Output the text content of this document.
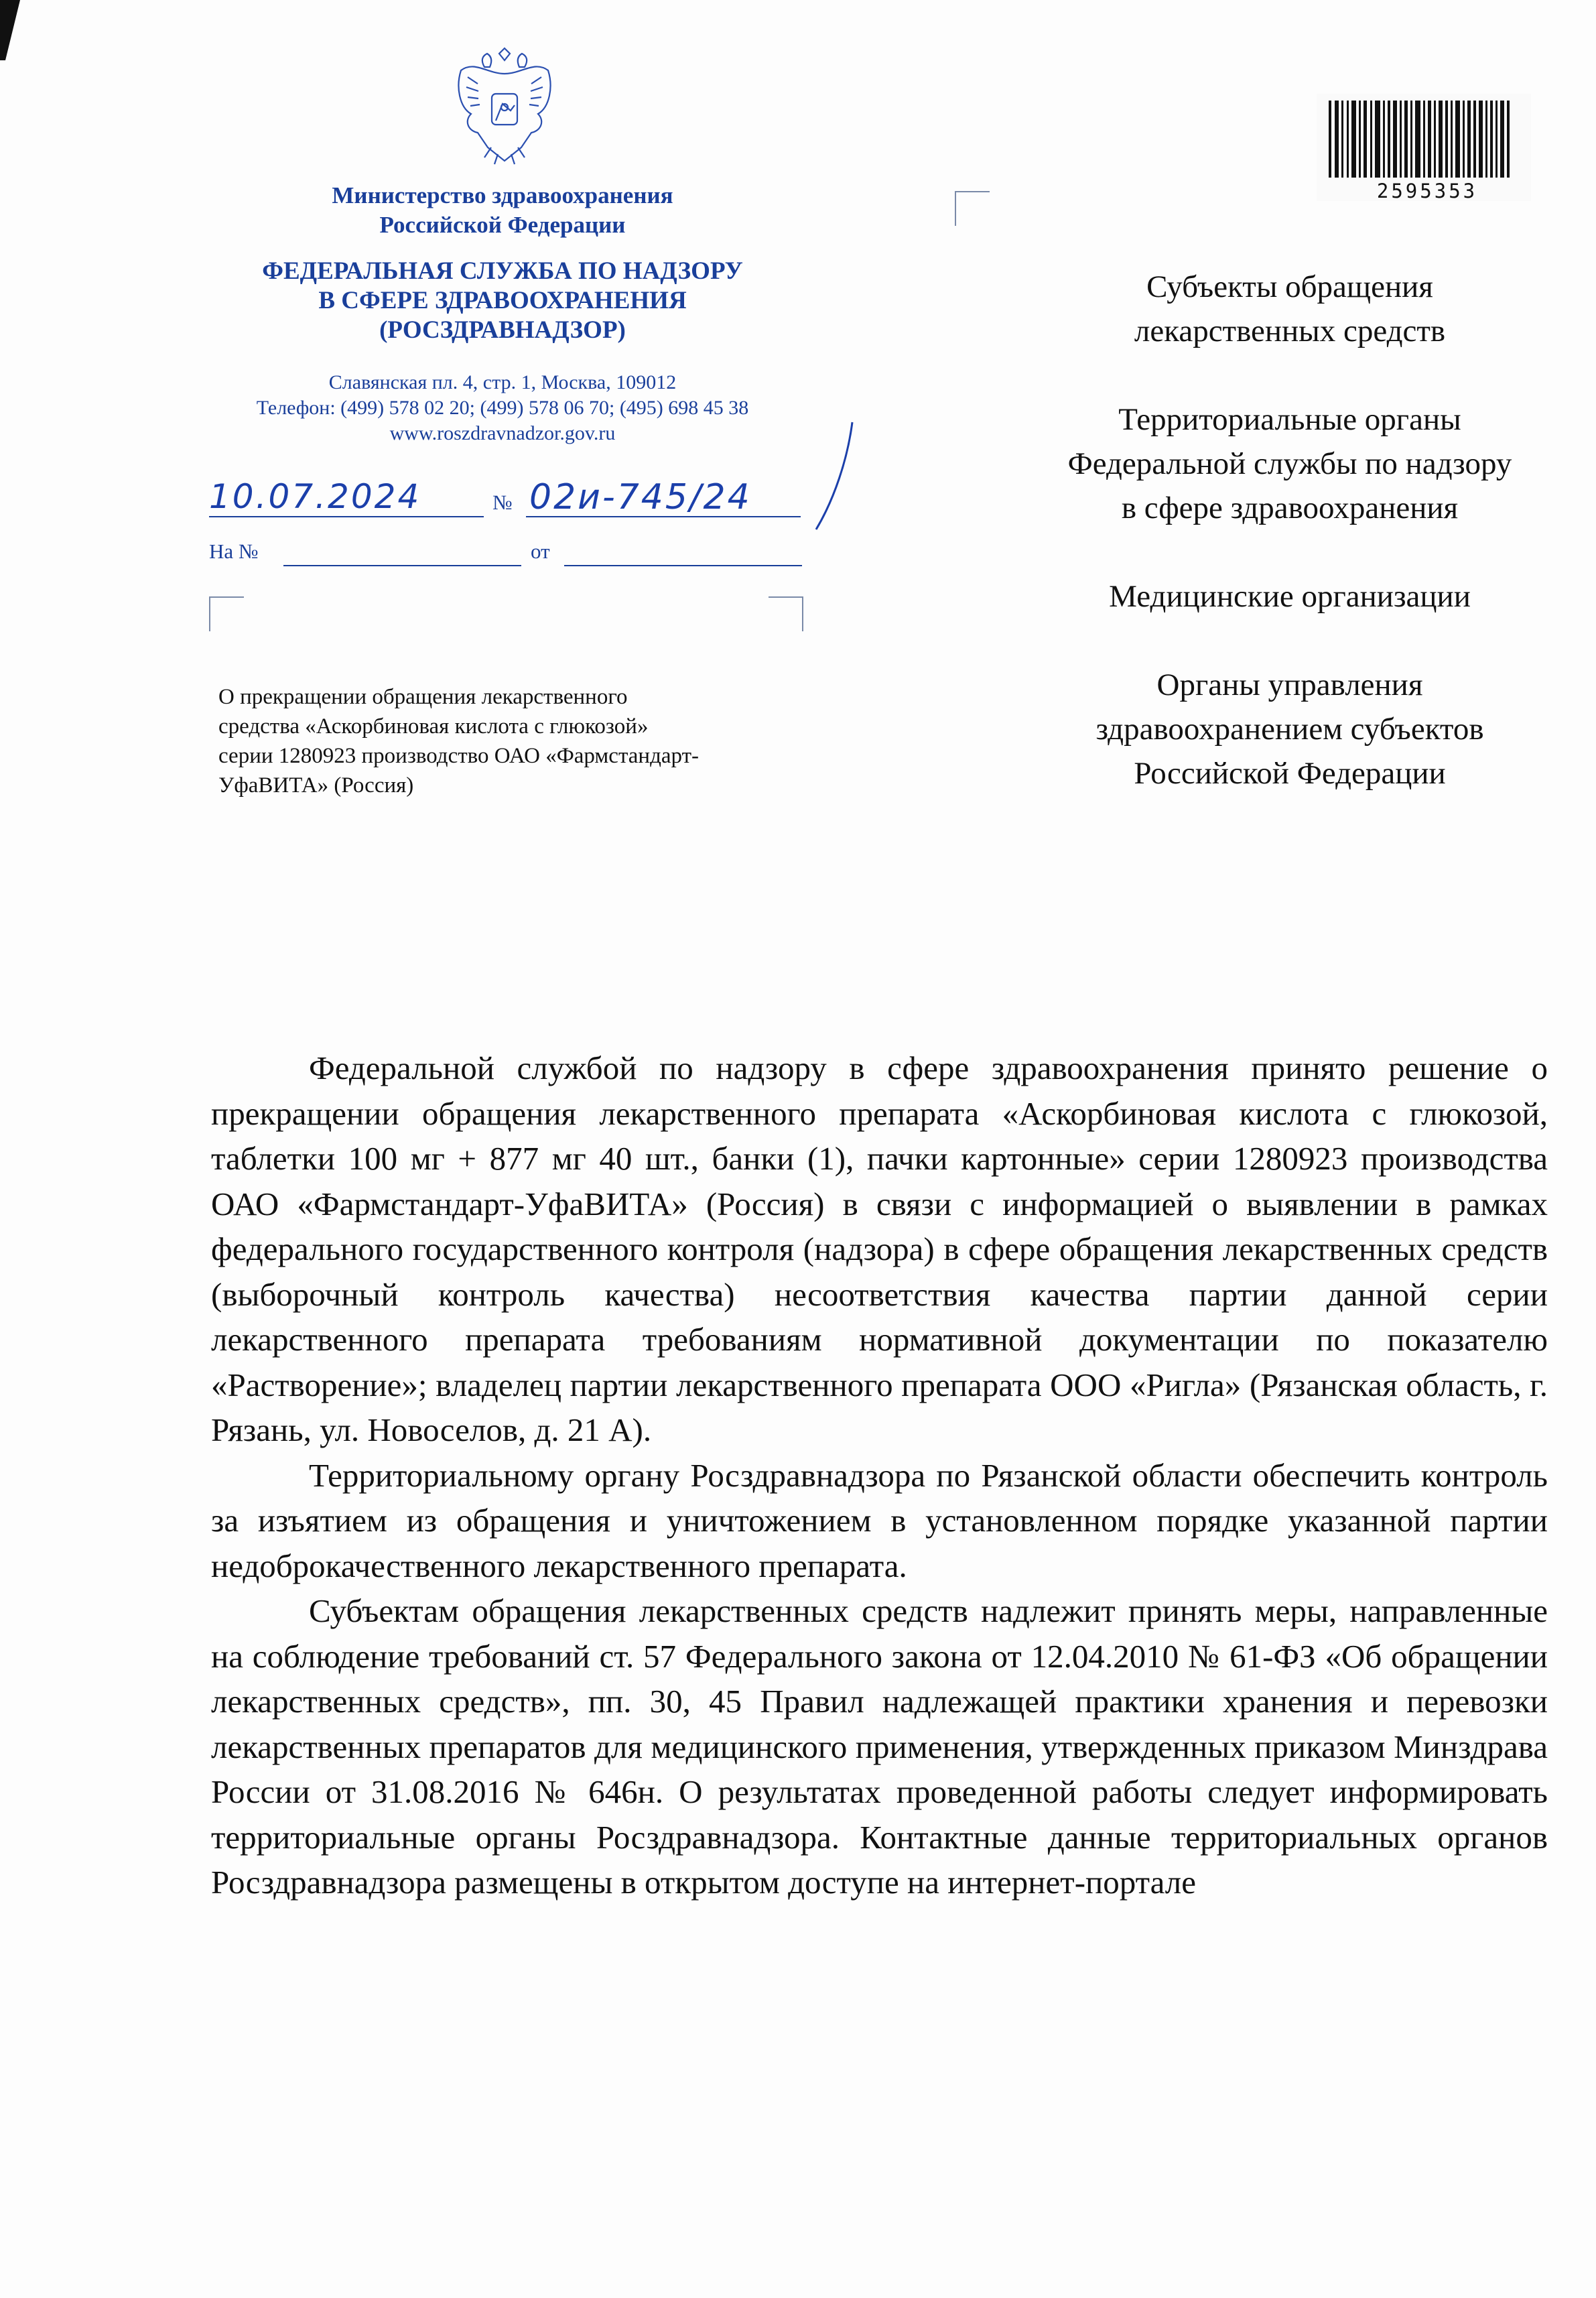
Министерство здравоохранения
Российской Федерации
ФЕДЕРАЛЬНАЯ СЛУЖБА ПО НАДЗОРУ
В СФЕРЕ ЗДРАВООХРАНЕНИЯ
(РОСЗДРАВНАДЗОР)
Славянская пл. 4, стр. 1, Москва, 109012
Телефон: (499) 578 02 20; (499) 578 06 70; (495) 698 45 38
www.roszdravnadzor.gov.ru
10.07.2024	№ 02и-745/24
На №	от
О прекращении обращения лекарственного
средства «Аскорбиновая кислота с глюкозой»
серии 1280923 производство ОАО «Фармстандарт-
УфаВИТА» (Россия)
2595353

Субъекты обращения
лекарственных средств

Территориальные органы
Федеральной службы по надзору
в сфере здравоохранения

Медицинские организации

Органы управления
здравоохранением субъектов
Российской Федерации

Федеральной службой по надзору в сфере здравоохранения принято решение о прекращении обращения лекарственного препарата «Аскорбиновая кислота с глюкозой, таблетки 100 мг + 877 мг 40 шт., банки (1), пачки картонные» серии 1280923 производства ОАО «Фармстандарт-УфаВИТА» (Россия) в связи с информацией о выявлении в рамках федерального государственного контроля (надзора) в сфере обращения лекарственных средств (выборочный контроль качества) несоответствия качества партии данной серии лекарственного препарата требованиям нормативной документации по показателю «Растворение»; владелец партии лекарственного препарата ООО «Ригла» (Рязанская область, г. Рязань, ул. Новоселов, д. 21 А).

Территориальному органу Росздравнадзора по Рязанской области обеспечить контроль за изъятием из обращения и уничтожением в установленном порядке указанной партии недоброкачественного лекарственного препарата.

Субъектам обращения лекарственных средств надлежит принять меры, направленные на соблюдение требований ст. 57 Федерального закона от 12.04.2010 № 61-ФЗ «Об обращении лекарственных средств», пп. 30, 45 Правил надлежащей практики хранения и перевозки лекарственных препаратов для медицинского применения, утвержденных приказом Минздрава России от 31.08.2016 № 646н. О результатах проведенной работы следует информировать территориальные органы Росздравнадзора. Контактные данные территориальных органов Росздравнадзора размещены в открытом доступе на интернет-портале
